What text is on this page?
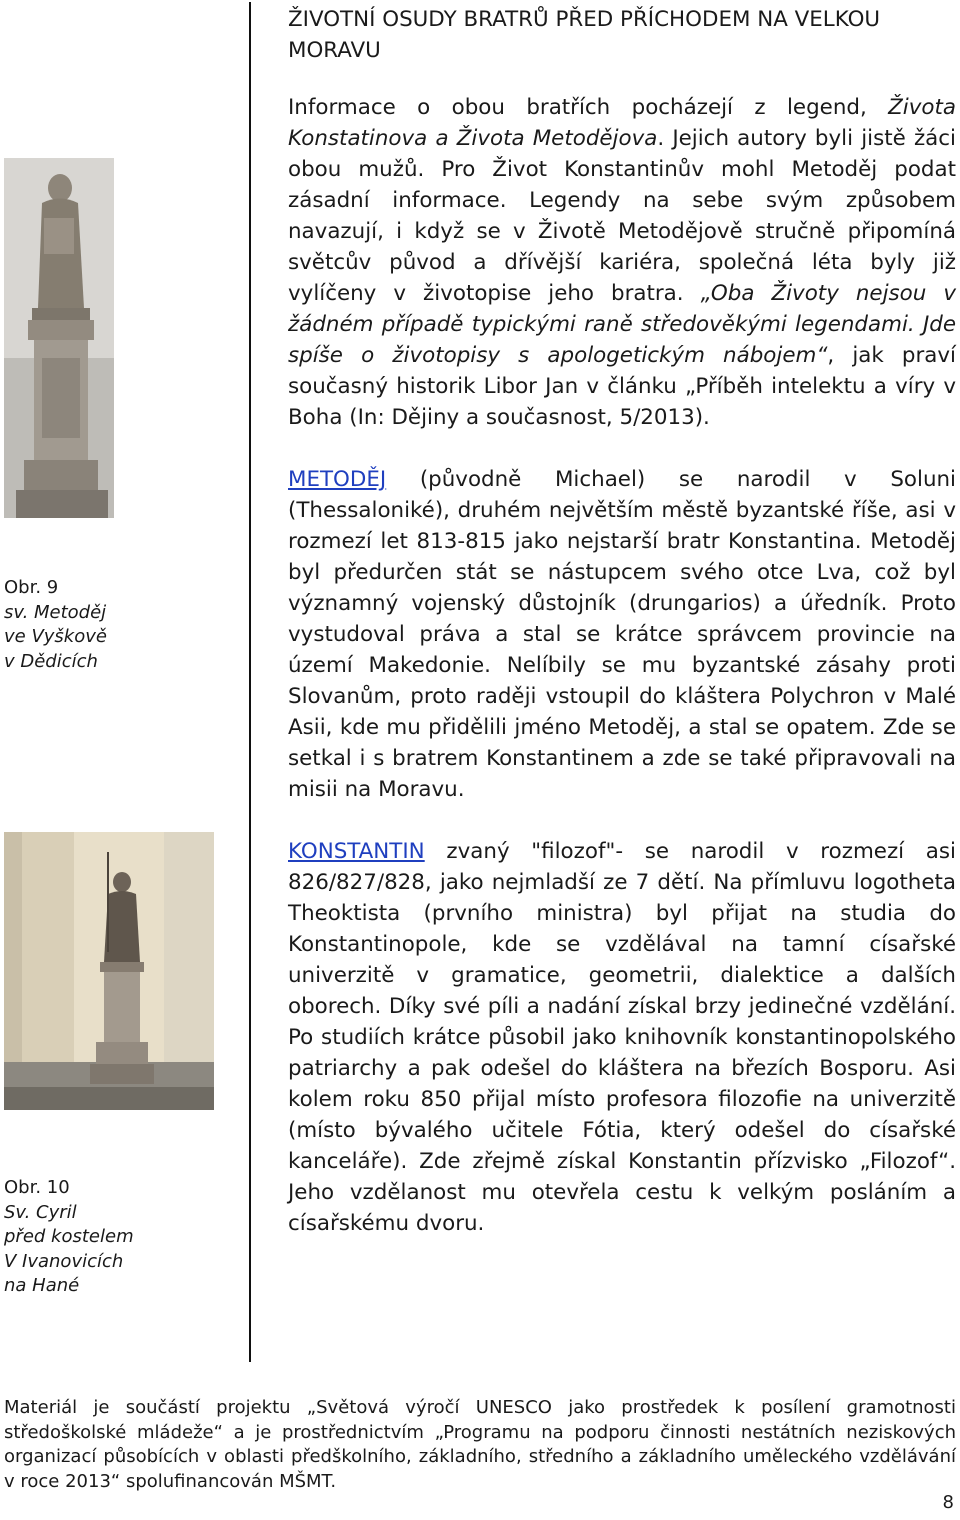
Obr. 9
sv. Metoděj
ve Vyškově
v Dědicích
Obr. 10
Sv. Cyril
před kostelem
V Ivanovicích
na Hané

ŽIVOTNÍ OSUDY BRATRŮ PŘED PŘÍCHODEM NA VELKOU MORAVU

Informace o obou bratřích pocházejí z legend, Života Konstatinova a Života Metodějova. Jejich autory byli jistě žáci obou mužů. Pro Život Konstantinův mohl Metoděj podat zásadní informace. Legendy na sebe svým způsobem navazují, i když se v Životě Metodějově stručně připomíná světcův původ a dřívější kariéra, společná léta byly již vylíčeny v životopise jeho bratra. „Oba Životy nejsou v žádném případě typickými raně středověkými legendami. Jde spíše o životopisy s apologetickým nábojem“, jak praví současný historik Libor Jan v článku „Příběh intelektu a víry v Boha (In: Dějiny a současnost, 5/2013).

METODĚJ (původně Michael) se narodil v Soluni (Thessaloniké), druhém největším městě byzantské říše, asi v rozmezí let 813-815 jako nejstarší bratr Konstantina. Metoděj byl předurčen stát se nástupcem svého otce Lva, což byl významný vojenský důstojník (drungarios) a úředník. Proto vystudoval práva a stal se krátce správcem provincie na území Makedonie. Nelíbily se mu byzantské zásahy proti Slovanům, proto raději vstoupil do kláštera Polychron v Malé Asii, kde mu přidělili jméno Metoděj, a stal se opatem. Zde se setkal i s bratrem Konstantinem a zde se také připravovali na misii na Moravu.

KONSTANTIN zvaný "filozof"- se narodil v rozmezí asi 826/827/828, jako nejmladší ze 7 dětí. Na přímluvu logotheta Theoktista (prvního ministra) byl přijat na studia do Konstantinopole, kde se vzdělával na tamní císařské univerzitě v gramatice, geometrii, dialektice a dalších oborech. Díky své píli a nadání získal brzy jedinečné vzdělání. Po studiích krátce působil jako knihovník konstantinopolského patriarchy a pak odešel do kláštera na březích Bosporu. Asi kolem roku 850 přijal místo profesora filozofie na univerzitě (místo bývalého učitele Fótia, který odešel do císařské kanceláře). Zde zřejmě získal Konstantin přízvisko „Filozof“. Jeho vzdělanost mu otevřela cestu k velkým posláním a císařskému dvoru.

Materiál je součástí projektu „Světová výročí UNESCO jako prostředek k posílení gramotnosti středoškolské mládeže“ a je prostřednictvím „Programu na podporu činnosti nestátních neziskových organizací působících v oblasti předškolního, základního, středního a základního uměleckého vzdělávání v roce 2013“ spolufinancován MŠMT.

8
